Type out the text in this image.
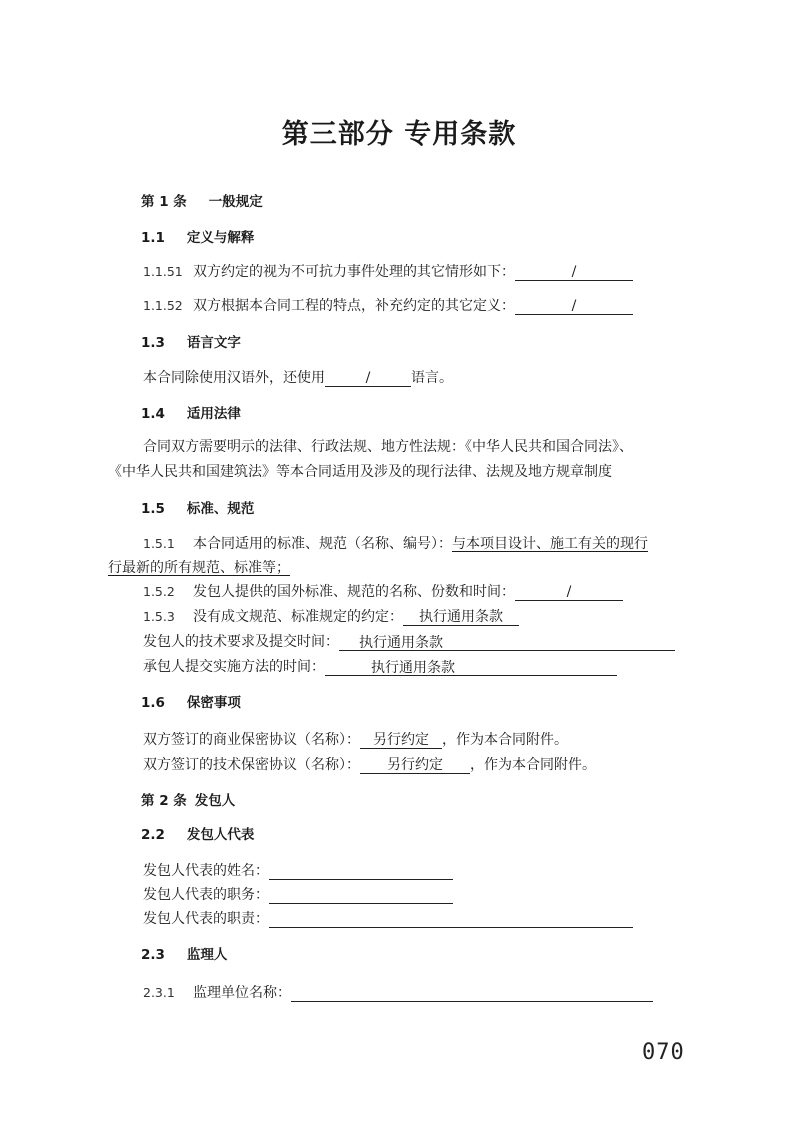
第三部分 专用条款
第 1 条 一般规定
1.1 定义与解释
1.1.51 双方约定的视为不可抗力事件处理的其它情形如下：	/
1.1.52 双方根据本合同工程的特点，补充约定的其它定义：	/
1.3 语言文字
本合同除使用汉语外，还使用	/	语言。
1.4 适用法律
合同双方需要明示的法律、行政法规、地方性法规：《中华人民共和国合同法》、
《中华人民共和国建筑法》等本合同适用及涉及的现行法律、法规及地方规章制度
1.5 标准、规范
1.5.1 本合同适用的标准、规范（名称、编号）：与本项目设计、施工有关的现行
行最新的所有规范、标准等；
1.5.2 发包人提供的国外标准、规范的名称、份数和时间：	/
1.5.3 没有成文规范、标准规定的约定： 执行通用条款
发包人的技术要求及提交时间： 执行通用条款
承包人提交实施方法的时间：	执行通用条款
1.6 保密事项
双方签订的商业保密协议（名称）： 另行约定 ，作为本合同附件。
双方签订的技术保密协议（名称）： 另行约定 ，作为本合同附件。
第 2 条 发包人
2.2 发包人代表
发包人代表的姓名：
发包人代表的职务：
发包人代表的职责：
2.3 监理人
2.3.1 监理单位名称：
070
